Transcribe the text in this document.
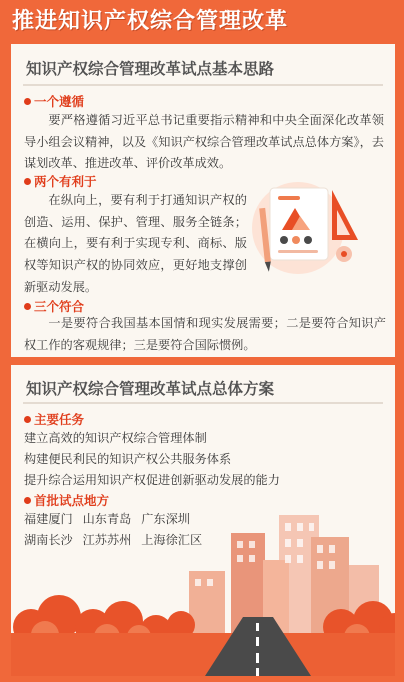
推进知识产权综合管理改革
知识产权综合管理改革试点基本思路
一个遵循
要严格遵循习近平总书记重要指示精神和中央全面深化改革领导小组会议精神，以及《知识产权综合管理改革试点总体方案》，去谋划改革、推进改革、评价改革成效。
两个有利于
在纵向上，要有利于打通知识产权的创造、运用、保护、管理、服务全链条；在横向上，要有利于实现专利、商标、版权等知识产权的协同效应，更好地支撑创新驱动发展。
三个符合
一是要符合我国基本国情和现实发展需要；二是要符合知识产权工作的客观规律；三是要符合国际惯例。
知识产权综合管理改革试点总体方案
主要任务
建立高效的知识产权综合管理体制
构建便民利民的知识产权公共服务体系
提升综合运用知识产权促进创新驱动发展的能力
首批试点地方
福建厦门 山东青岛 广东深圳
湖南长沙 江苏苏州 上海徐汇区
